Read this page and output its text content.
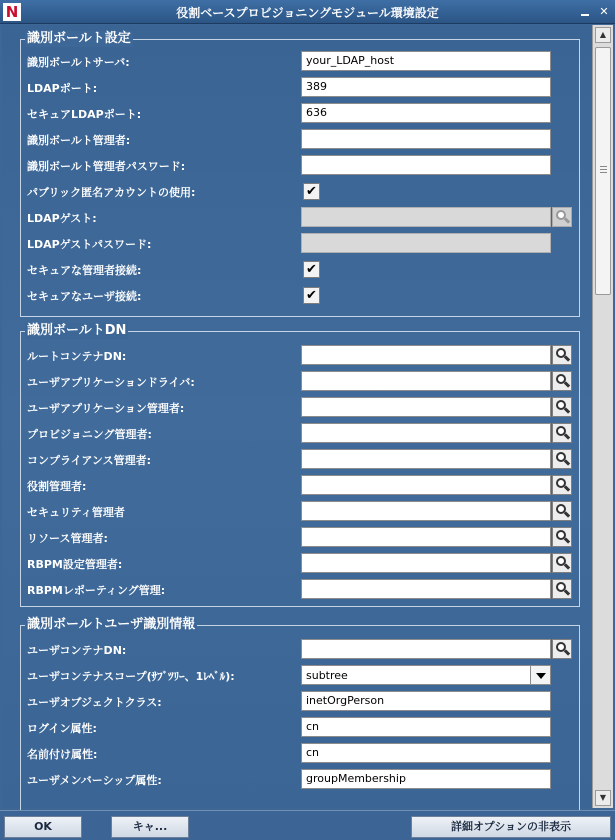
N	役割ベースプロビジョニングモジュール環境設定	✕
識別ボールト設定
識別ボールトサーバ:	your_LDAP_host
LDAPポート:	389
セキュアLDAPポート:	636
識別ボールト管理者:
識別ボールト管理者パスワード:
パブリック匿名アカウントの使用:	✔
LDAPゲスト:
LDAPゲストパスワード:
セキュアな管理者接続:	✔
セキュアなユーザ接続:	✔
識別ボールトDN
ルートコンテナDN:
ユーザアプリケーションドライバ:
ユーザアプリケーション管理者:
プロビジョニング管理者:
コンプライアンス管理者:
役割管理者:
セキュリティ管理者
リソース管理者:
RBPM設定管理者:
RBPMレポーティング管理:
識別ボールトユーザ識別情報
ユーザコンテナDN:
ユーザコンテナスコープ(ｻﾌﾞﾂﾘｰ、1ﾚﾍﾞﾙ):	subtree
ユーザオブジェクトクラス:	inetOrgPerson
ログイン属性:	cn
名前付け属性:	cn
ユーザメンバーシップ属性:	groupMembership
▲
▼
OK	キャ...	詳細オプションの非表示
